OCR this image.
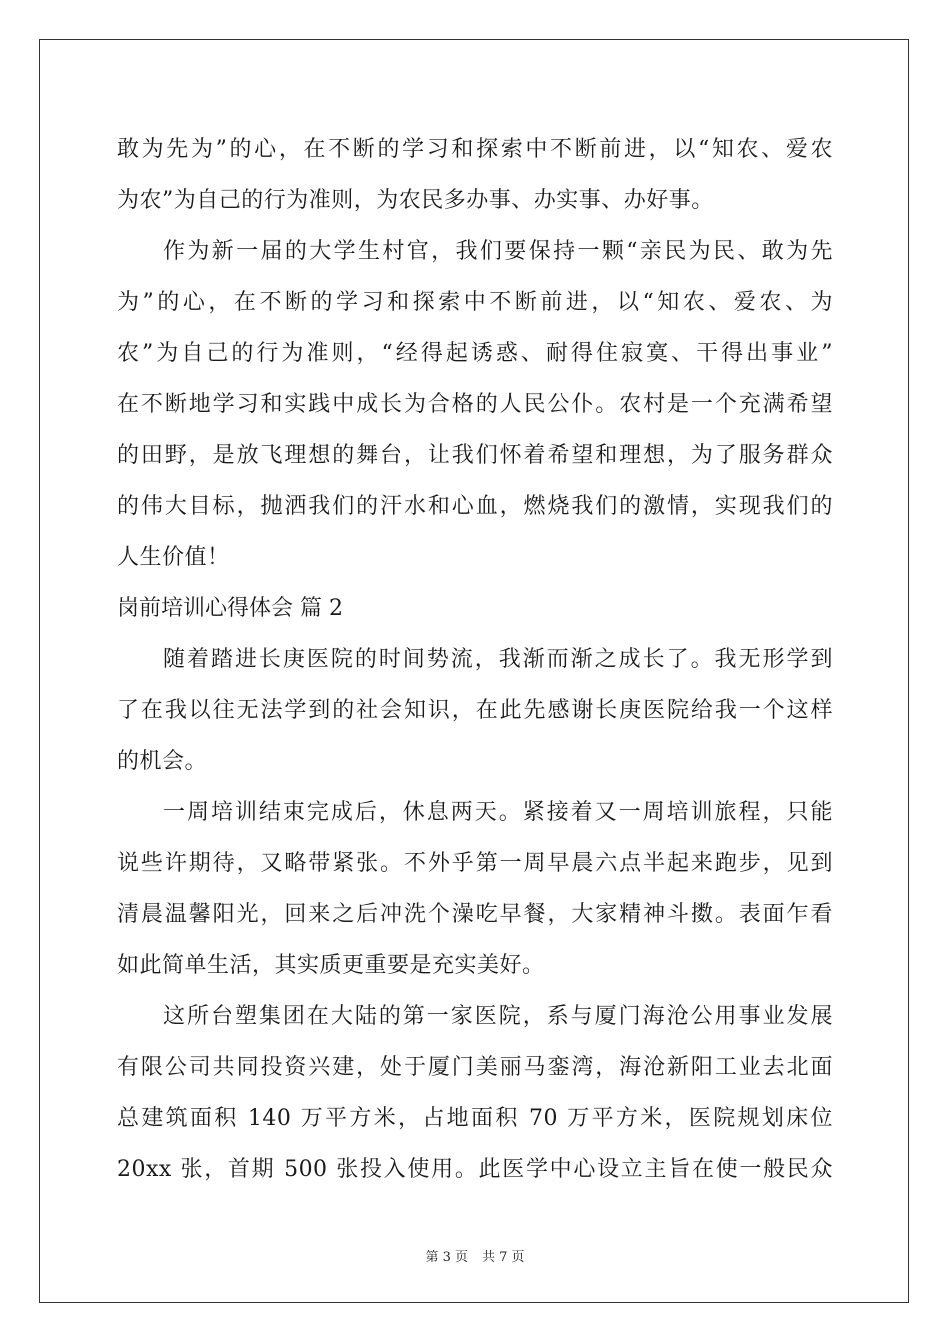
敢为先为”的心，在不断的学习和探索中不断前进，以“知农、爱农
为农”为自己的行为准则，为农民多办事、办实事、办好事。
作为新一届的大学生村官，我们要保持一颗“亲民为民、敢为先
为”的心，在不断的学习和探索中不断前进，以“知农、爱农、为
农”为自己的行为准则，“经得起诱惑、耐得住寂寞、干得出事业”
在不断地学习和实践中成长为合格的人民公仆。农村是一个充满希望
的田野，是放飞理想的舞台，让我们怀着希望和理想，为了服务群众
的伟大目标，抛洒我们的汗水和心血，燃烧我们的激情，实现我们的
人生价值！
岗前培训心得体会 篇 2
随着踏进长庚医院的时间势流，我渐而渐之成长了。我无形学到
了在我以往无法学到的社会知识，在此先感谢长庚医院给我一个这样
的机会。
一周培训结束完成后，休息两天。紧接着又一周培训旅程，只能
说些许期待，又略带紧张。不外乎第一周早晨六点半起来跑步，见到
清晨温馨阳光，回来之后冲洗个澡吃早餐，大家精神斗擞。表面乍看
如此简单生活，其实质更重要是充实美好。
这所台塑集团在大陆的第一家医院，系与厦门海沧公用事业发展
有限公司共同投资兴建，处于厦门美丽马銮湾，海沧新阳工业去北面
总建筑面积 140 万平方米，占地面积 70 万平方米，医院规划床位
20xx 张，首期 500 张投入使用。此医学中心设立主旨在使一般民众
第 3 页 共 7 页
